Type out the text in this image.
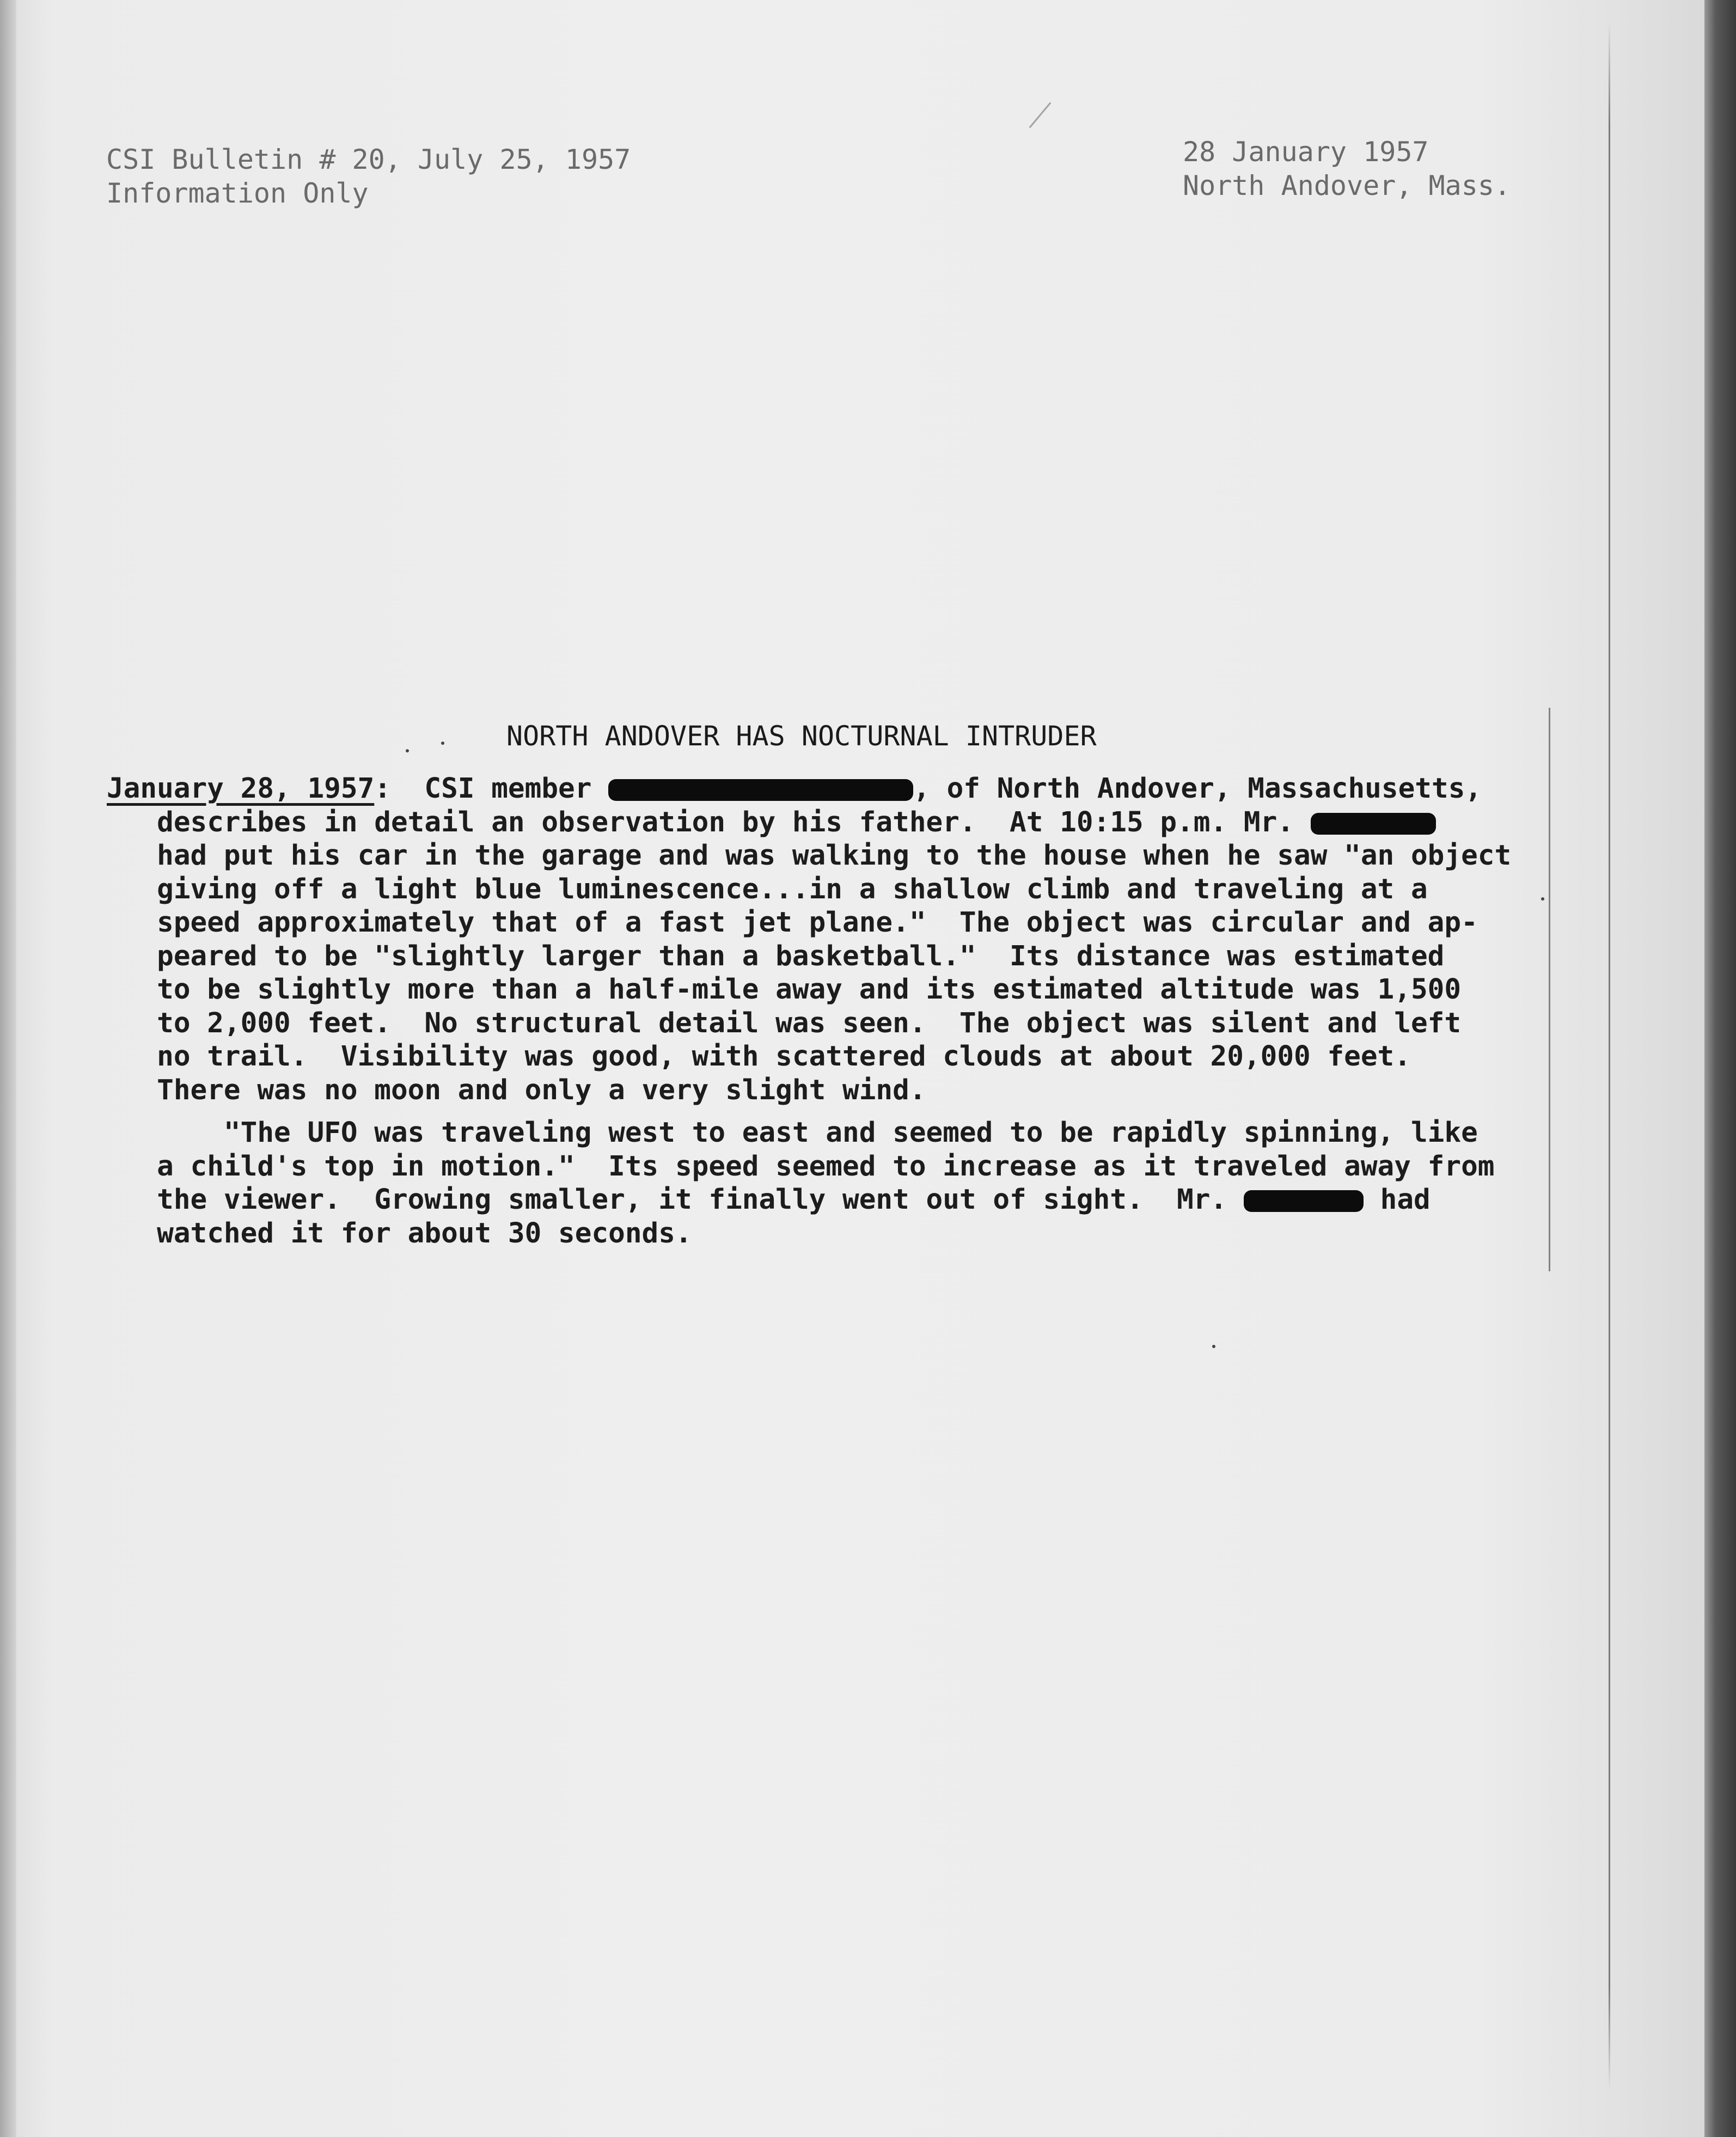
CSI Bulletin # 20, July 25, 1957
Information Only
28 January 1957
North Andover, Mass.
NORTH ANDOVER HAS NOCTURNAL INTRUDER
January 28, 1957:  CSI member	, of North Andover, Massachusetts,
describes in detail an observation by his father.  At 10:15 p.m. Mr.
had put his car in the garage and was walking to the house when he saw "an object
giving off a light blue luminescence...in a shallow climb and traveling at a
speed approximately that of a fast jet plane."  The object was circular and ap-
peared to be "slightly larger than a basketball."  Its distance was estimated
to be slightly more than a half-mile away and its estimated altitude was 1,500
to 2,000 feet.  No structural detail was seen.  The object was silent and left
no trail.  Visibility was good, with scattered clouds at about 20,000 feet.
There was no moon and only a very slight wind.
"The UFO was traveling west to east and seemed to be rapidly spinning, like
a child's top in motion."  Its speed seemed to increase as it traveled away from
the viewer.  Growing smaller, it finally went out of sight.  Mr.	had
watched it for about 30 seconds.
